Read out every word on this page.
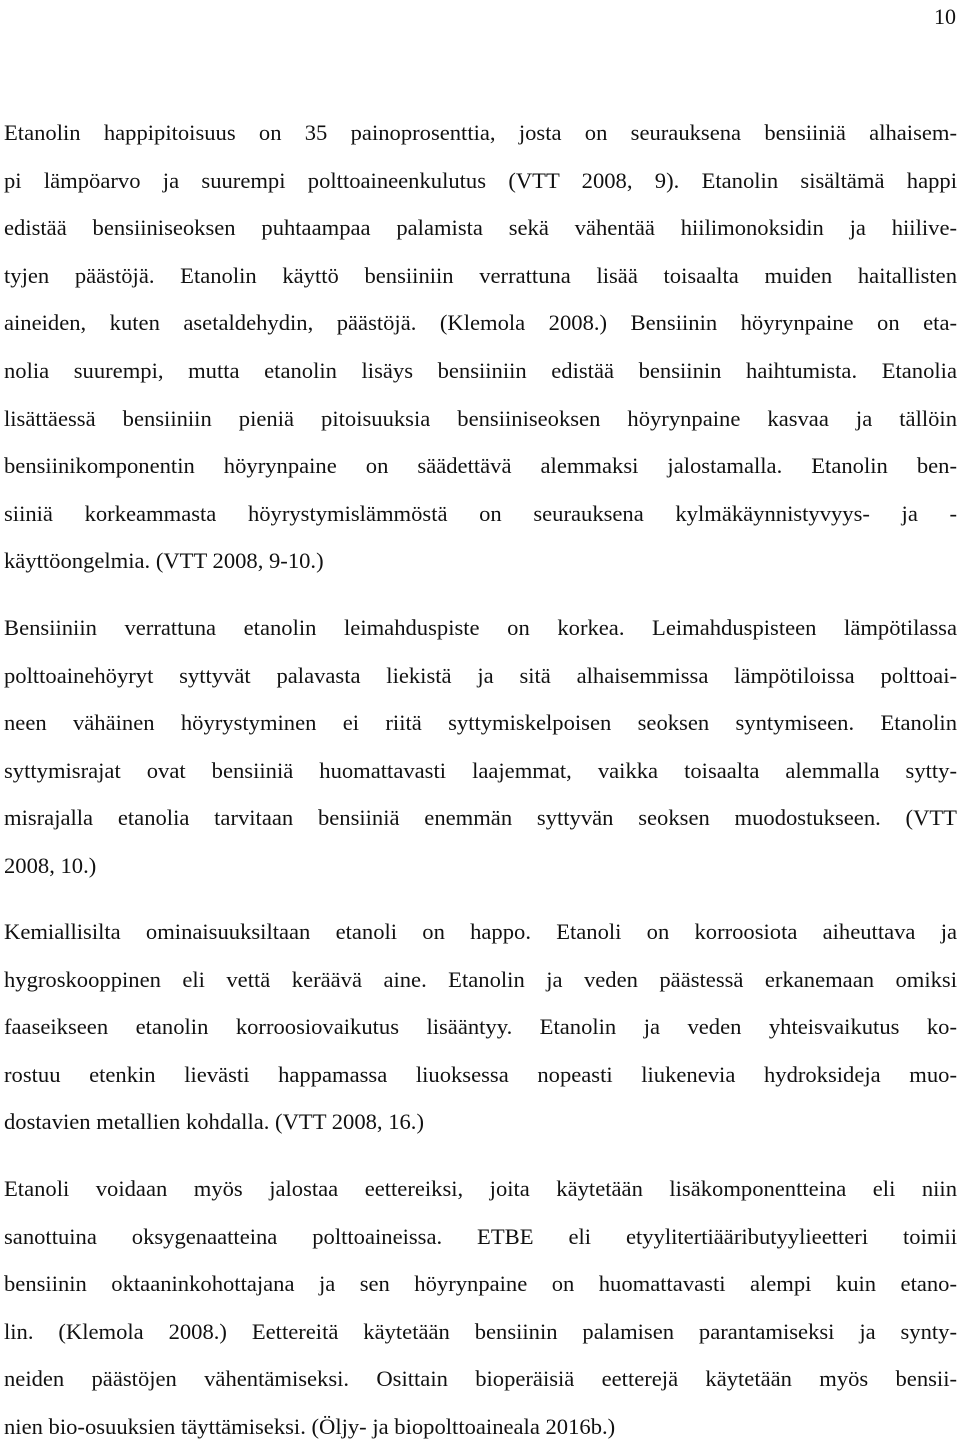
10
Etanolin happipitoisuus on 35 painoprosenttia, josta on seurauksena bensiiniä alhaisem-
pi lämpöarvo ja suurempi polttoaineenkulutus (VTT 2008, 9). Etanolin sisältämä happi
edistää bensiiniseoksen puhtaampaa palamista sekä vähentää hiilimonoksidin ja hiilive-
tyjen päästöjä. Etanolin käyttö bensiiniin verrattuna lisää toisaalta muiden haitallisten
aineiden, kuten asetaldehydin, päästöjä. (Klemola 2008.) Bensiinin höyrynpaine on eta-
nolia suurempi, mutta etanolin lisäys bensiiniin edistää bensiinin haihtumista. Etanolia
lisättäessä bensiiniin pieniä pitoisuuksia bensiiniseoksen höyrynpaine kasvaa ja tällöin
bensiinikomponentin höyrynpaine on säädettävä alemmaksi jalostamalla. Etanolin ben-
siiniä korkeammasta höyrystymislämmöstä on seurauksena kylmäkäynnistyvyys- ja -
käyttöongelmia. (VTT 2008, 9-10.)
Bensiiniin verrattuna etanolin leimahduspiste on korkea. Leimahduspisteen lämpötilassa
polttoainehöyryt syttyvät palavasta liekistä ja sitä alhaisemmissa lämpötiloissa polttoai-
neen vähäinen höyrystyminen ei riitä syttymiskelpoisen seoksen syntymiseen. Etanolin
syttymisrajat ovat bensiiniä huomattavasti laajemmat, vaikka toisaalta alemmalla sytty-
misrajalla etanolia tarvitaan bensiiniä enemmän syttyvän seoksen muodostukseen. (VTT
2008, 10.)
Kemiallisilta ominaisuuksiltaan etanoli on happo. Etanoli on korroosiota aiheuttava ja
hygroskooppinen eli vettä keräävä aine. Etanolin ja veden päästessä erkanemaan omiksi
faaseikseen etanolin korroosiovaikutus lisääntyy. Etanolin ja veden yhteisvaikutus ko-
rostuu etenkin lievästi happamassa liuoksessa nopeasti liukenevia hydroksideja muo-
dostavien metallien kohdalla. (VTT 2008, 16.)
Etanoli voidaan myös jalostaa eettereiksi, joita käytetään lisäkomponentteina eli niin
sanottuina oksygenaatteina polttoaineissa. ETBE eli etyylitertiääributyylieetteri toimii
bensiinin oktaaninkohottajana ja sen höyrynpaine on huomattavasti alempi kuin etano-
lin. (Klemola 2008.) Eettereitä käytetään bensiinin palamisen parantamiseksi ja synty-
neiden päästöjen vähentämiseksi. Osittain bioperäisiä eetterejä käytetään myös bensii-
nien bio-osuuksien täyttämiseksi. (Öljy- ja biopolttoaineala 2016b.)
